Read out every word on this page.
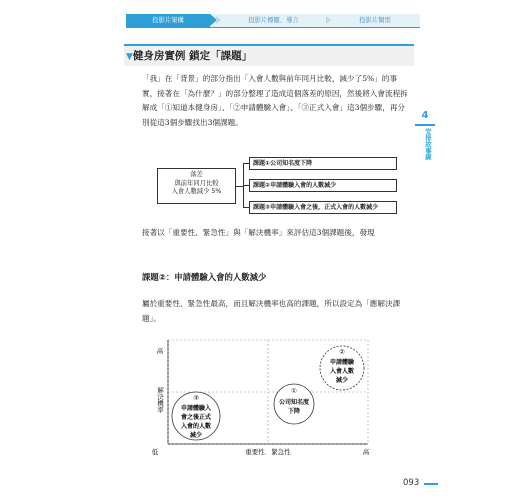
投影片架構	投影片標題、導言	投影片類型
▼健身房實例 鎖定「課題」
「我」在「背景」的部分指出「入會人數與前年同月比較，減少了5%」的事實，接著在「為什麼？」的部分整理了造成這個落差的原因，然後將入會流程拆解成「①知道本健身房」、「②申請體驗入會」、「③正式入會」這3個步驟，再分別從這3個步驟找出3個課題。
4
安排故事線
落差
與前年同月比較
入會人數減少 5%
課題①公司知名度下降
課題②申請體驗入會的人數減少
課題③申請體驗入會之後，正式入會的人數減少
接著以「重要性、緊急性」與「解決機率」來評估這3個課題後，發現
課題②：申請體驗入會的人數減少
屬於重要性、緊急性最高，而且解決機率也高的課題，所以設定為「應解決課題」。
高
低	高
重要性．緊急性
解決機率
②
申請體驗
入會人數
減少
①
公司知名度
下降
③
申請體驗入
會之後正式
入會的人數
減少
093
